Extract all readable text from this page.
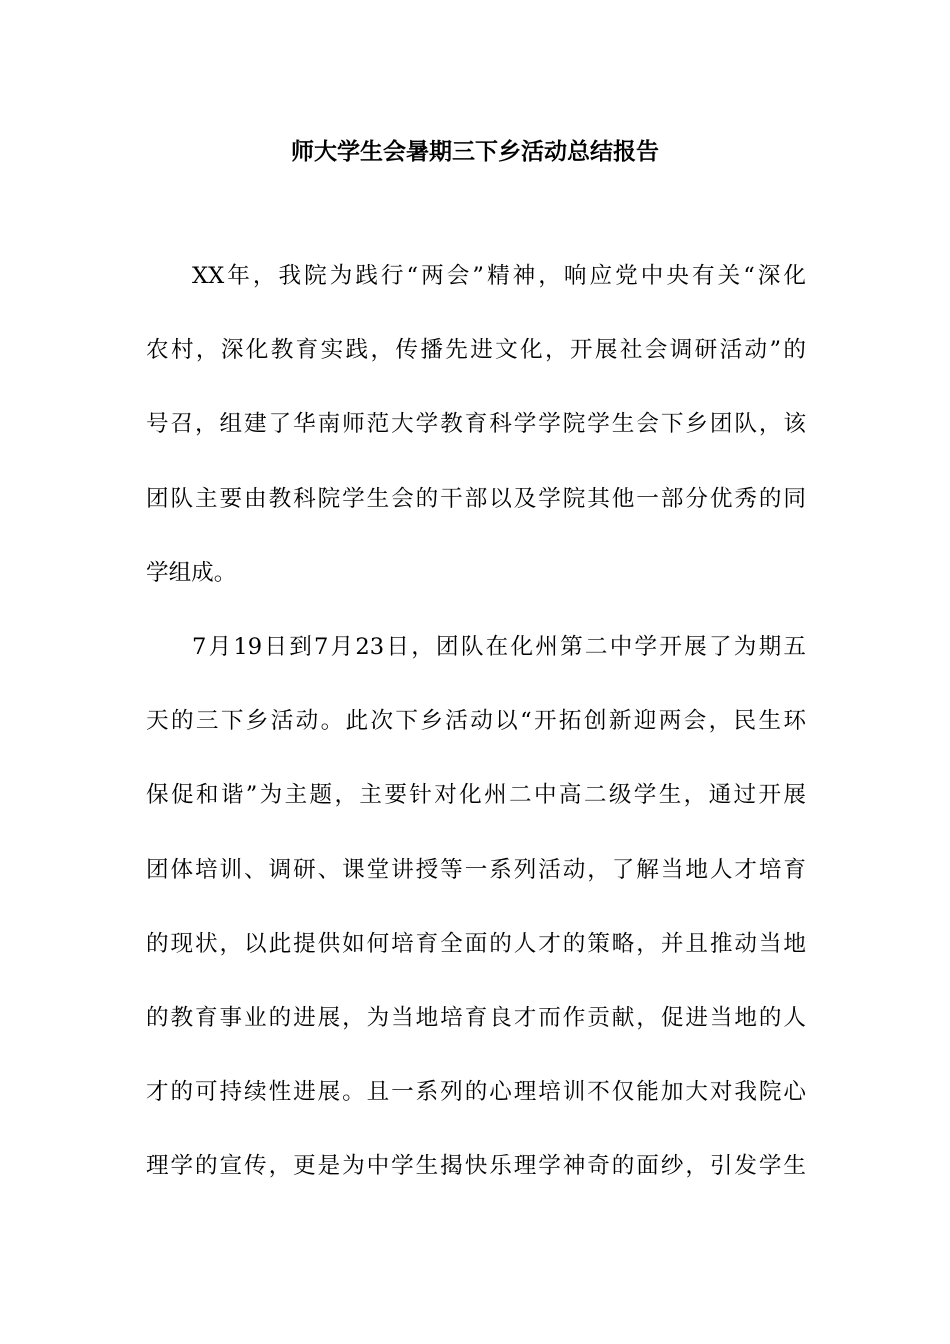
师大学生会暑期三下乡活动总结报告

XX年，我院为践行“两会”精神，响应党中央有关“深化

农村，深化教育实践，传播先进文化，开展社会调研活动”的

号召，组建了华南师范大学教育科学学院学生会下乡团队，该

团队主要由教科院学生会的干部以及学院其他一部分优秀的同

学组成。

7月19日到7月23日，团队在化州第二中学开展了为期五

天的三下乡活动。此次下乡活动以“开拓创新迎两会，民生环

保促和谐”为主题，主要针对化州二中高二级学生，通过开展

团体培训、调研、课堂讲授等一系列活动，了解当地人才培育

的现状，以此提供如何培育全面的人才的策略，并且推动当地

的教育事业的进展，为当地培育良才而作贡献，促进当地的人

才的可持续性进展。且一系列的心理培训不仅能加大对我院心

理学的宣传，更是为中学生揭快乐理学神奇的面纱，引发学生
